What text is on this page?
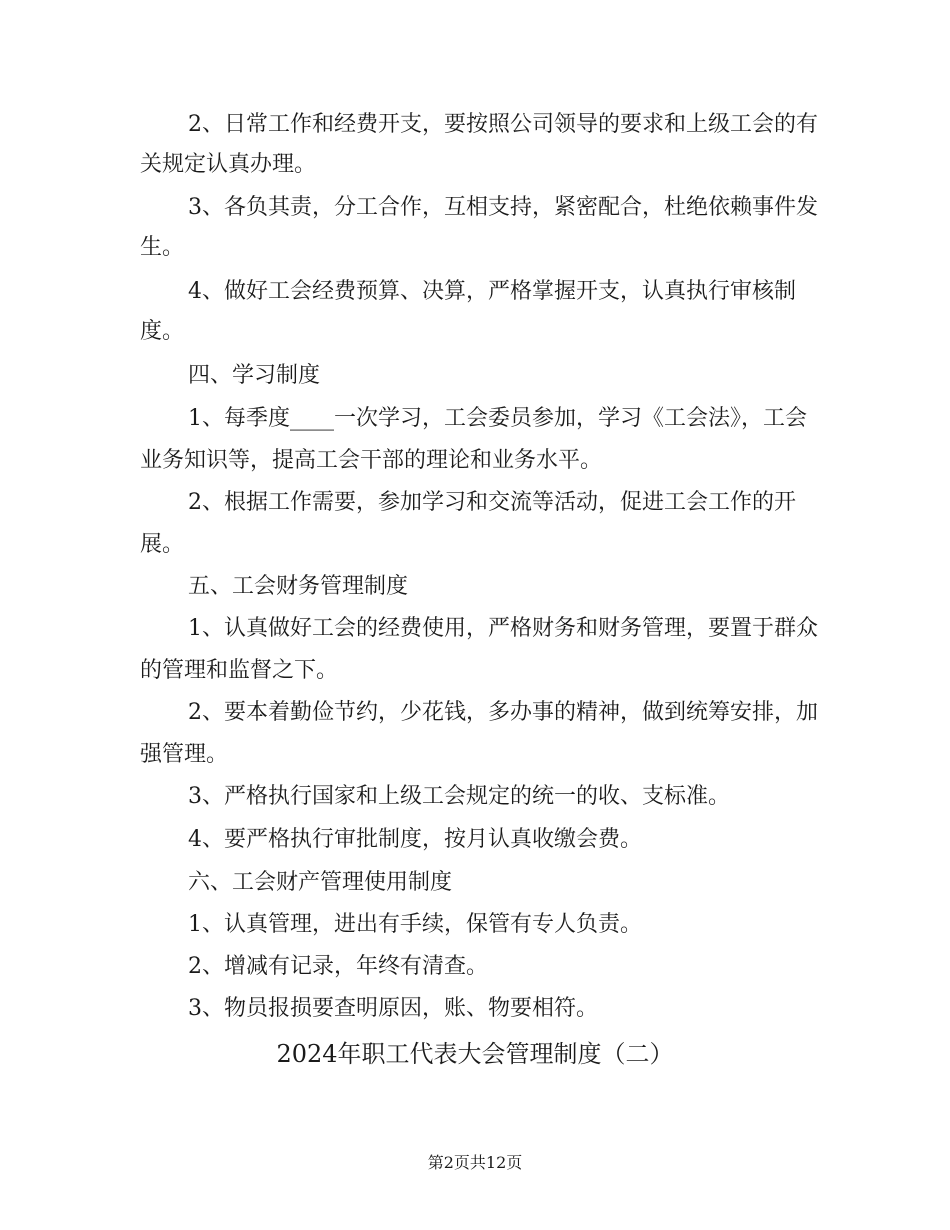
2、日常工作和经费开支，要按照公司领导的要求和上级工会的有
关规定认真办理。
3、各负其责，分工合作，互相支持，紧密配合，杜绝依赖事件发
生。
4、做好工会经费预算、决算，严格掌握开支，认真执行审核制
度。
四、学习制度
1、每季度____一次学习，工会委员参加，学习《工会法》，工会
业务知识等，提高工会干部的理论和业务水平。
2、根据工作需要，参加学习和交流等活动，促进工会工作的开
展。
五、工会财务管理制度
1、认真做好工会的经费使用，严格财务和财务管理，要置于群众
的管理和监督之下。
2、要本着勤俭节约，少花钱，多办事的精神，做到统筹安排，加
强管理。
3、严格执行国家和上级工会规定的统一的收、支标准。
4、要严格执行审批制度，按月认真收缴会费。
六、工会财产管理使用制度
1、认真管理，进出有手续，保管有专人负责。
2、增减有记录，年终有清查。
3、物员报损要查明原因，账、物要相符。
2024年职工代表大会管理制度（二）
第2页共12页
